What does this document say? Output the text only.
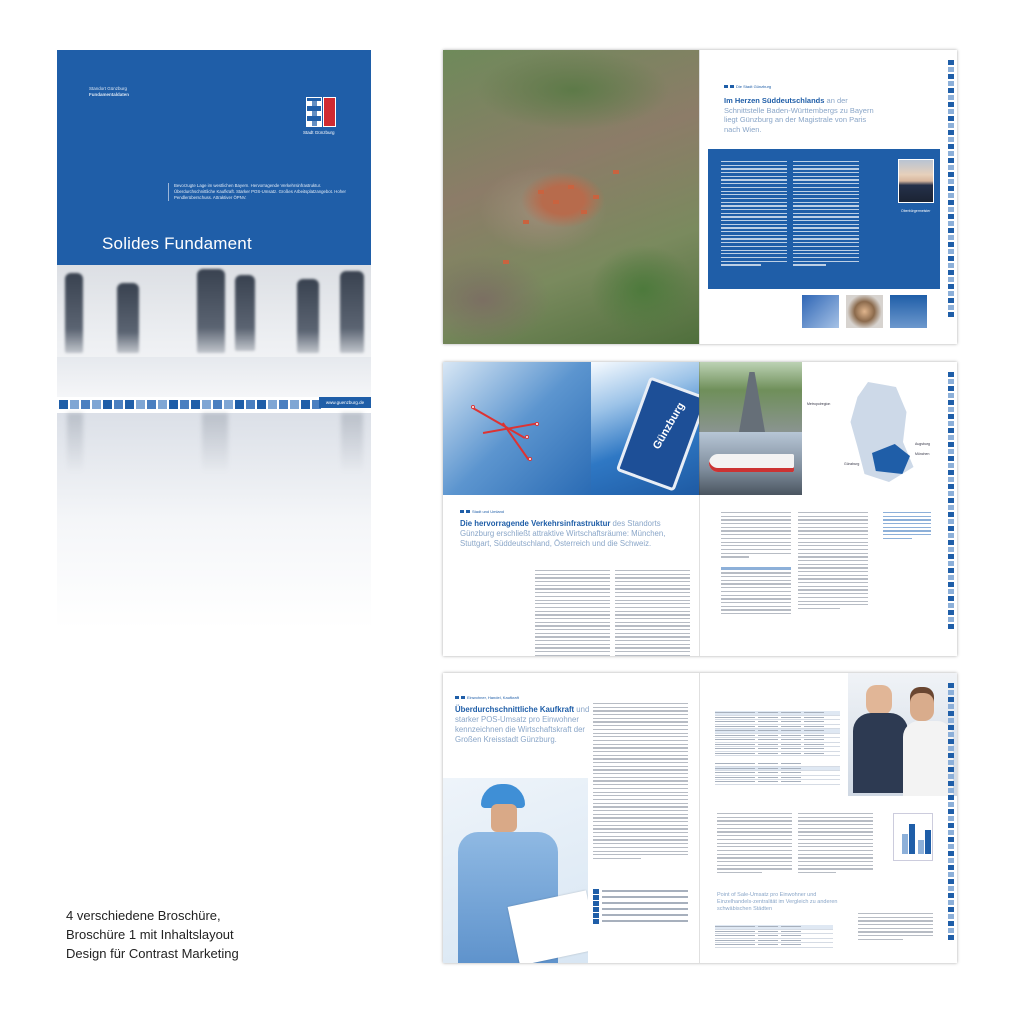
Standort Günzburg
Fundamentaldaten
Stadt Günzburg
Bevorzugte Lage im westlichen Bayern. Hervorragende Verkehrsinfrastruktur. Überdurchschnittliche Kaufkraft. Starker POS-Umsatz. Großes Arbeitsplatzangebot. Hoher Pendlerüberschuss. Attraktiver ÖPNV.
Solides Fundament
www.guenzburg.de
4 verschiedene Broschüre,
Broschüre 1 mit Inhaltslayout
Design für Contrast Marketing
Die Stadt Günzburg
Im Herzen Süddeutschlands an der Schnittstelle Baden-Württembergs zu Bayern liegt Günzburg an der Magistrale von Paris nach Wien.
Oberbürgermeister
Günzburg	Metropolregion
Günzburg
Augsburg
München
Stadt und Umland
Die hervorragende Verkehrsinfrastruktur des Standorts Günzburg erschließt attraktive Wirtschaftsräume: München, Stuttgart, Süddeutschland, Österreich und die Schweiz.
Einwohner, Handel, Kaufkraft
Überdurchschnittliche Kaufkraft und starker POS-Umsatz pro Einwohner kennzeichnen die Wirtschaftskraft der Großen Kreisstadt Günzburg.
Point of Sale-Umsatz pro Einwohner und Einzelhandels-zentralität im Vergleich zu anderen schwäbischen Städten
